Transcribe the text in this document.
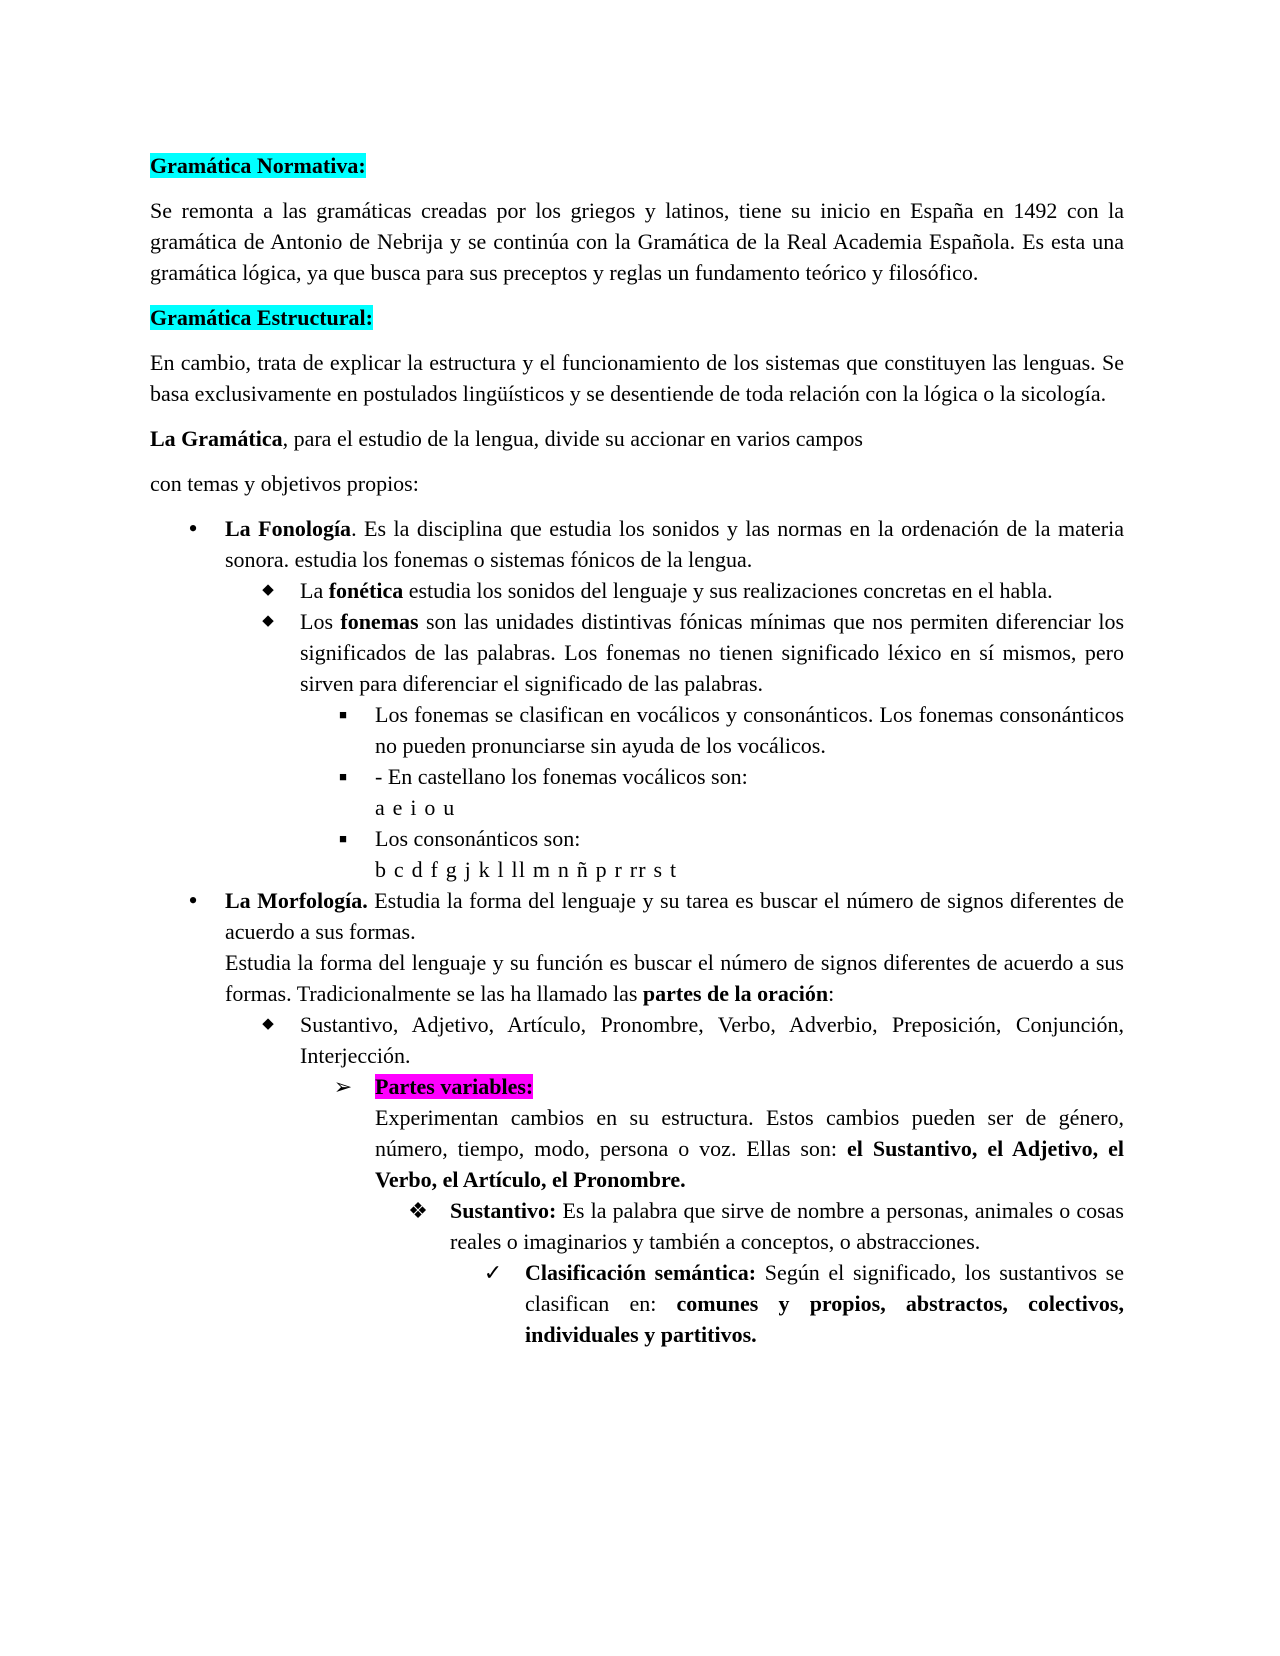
Gramática Normativa:

Se remonta a las gramáticas creadas por los griegos y latinos, tiene su inicio en España en 1492 con la gramática de Antonio de Nebrija y se continúa con la Gramática de la Real Academia Española. Es esta una gramática lógica, ya que busca para sus preceptos y reglas un fundamento teórico y filosófico.

Gramática Estructural:

En cambio, trata de explicar la estructura y el funcionamiento de los sistemas que constituyen las lenguas. Se basa exclusivamente en postulados lingüísticos y se desentiende de toda relación con la lógica o la sicología.

La Gramática, para el estudio de la lengua, divide su accionar en varios campos

con temas y objetivos propios:

• La Fonología. Es la disciplina que estudia los sonidos y las normas en la ordenación de la materia sonora. estudia los fonemas o sistemas fónicos de la lengua.
◆ La fonética estudia los sonidos del lenguaje y sus realizaciones concretas en el habla.
◆ Los fonemas son las unidades distintivas fónicas mínimas que nos permiten diferenciar los significados de las palabras. Los fonemas no tienen significado léxico en sí mismos, pero sirven para diferenciar el significado de las palabras.
■ Los fonemas se clasifican en vocálicos y consonánticos. Los fonemas consonánticos no pueden pronunciarse sin ayuda de los vocálicos.
■ - En castellano los fonemas vocálicos son:
a e i o u
■ Los consonánticos son:
b c d f g j k l ll m n ñ p r rr s t
• La Morfología. Estudia la forma del lenguaje y su tarea es buscar el número de signos diferentes de acuerdo a sus formas.
Estudia la forma del lenguaje y su función es buscar el número de signos diferentes de acuerdo a sus formas. Tradicionalmente se las ha llamado las partes de la oración:
◆ Sustantivo, Adjetivo, Artículo, Pronombre, Verbo, Adverbio, Preposición, Conjunción, Interjección.
➢ Partes variables:
Experimentan cambios en su estructura. Estos cambios pueden ser de género, número, tiempo, modo, persona o voz. Ellas son: el Sustantivo, el Adjetivo, el Verbo, el Artículo, el Pronombre.
❖ Sustantivo: Es la palabra que sirve de nombre a personas, animales o cosas reales o imaginarios y también a conceptos, o abstracciones.
✓ Clasificación semántica: Según el significado, los sustantivos se clasifican en: comunes y propios, abstractos, colectivos, individuales y partitivos.
